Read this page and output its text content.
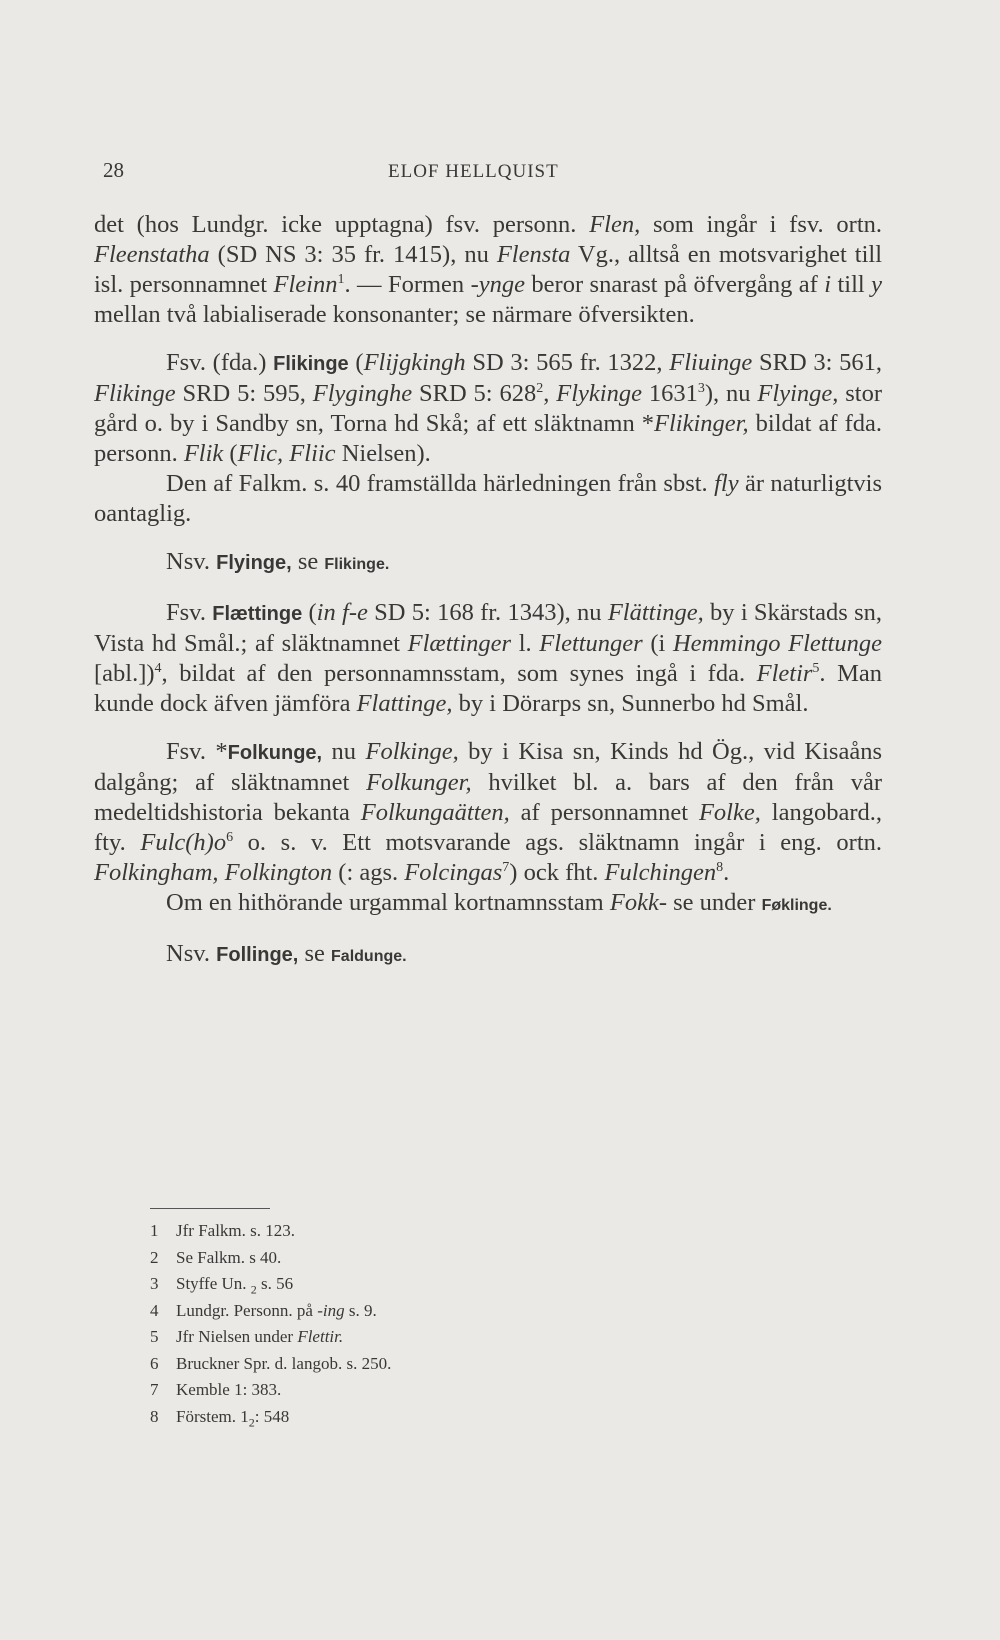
28	ELOF HELLQUIST

det (hos Lundgr. icke upptagna) fsv. personn. Flen, som ingår i fsv. ortn. Fleenstatha (SD NS 3: 35 fr. 1415), nu Flensta Vg., alltså en motsvarighet till isl. personnamnet Fleinn$^1$. — Formen -ynge beror snarast på öfvergång af i till y mellan två labialiserade konsonanter; se närmare öfversikten.

Fsv. (fda.) Flikinge (Flijgkingh SD 3: 565 fr. 1322, Fliuinge SRD 3: 561, Flikinge SRD 5: 595, Flyginghe SRD 5: $628^2$, Flykinge 1631$^3$), nu Flyinge, stor gård o. by i Sandby sn, Torna hd Skå; af ett släktnamn *Flikinger, bildat af fda. personn. Flik (Flic, Fliic Nielsen).

Den af Falkm. s. 40 framställda härledningen från sbst. fly är naturligtvis oantaglig.

Nsv. Flyinge, se Flikinge.

Fsv. Flættinge (in f-e SD 5: 168 fr. 1343), nu Flättinge, by i Skärstads sn, Vista hd Smål.; af släktnamnet Flættinger l. Flettunger (i Hemmingo Flettunge [abl.])$^4$, bildat af den personnamnsstam, som synes ingå i fda. Fletir$^5$. Man kunde dock äfven jämföra Flattinge, by i Dörarps sn, Sunnerbo hd Smål.

Fsv. *Folkunge, nu Folkinge, by i Kisa sn, Kinds hd Ög., vid Kisaåns dalgång; af släktnamnet Folkunger, hvilket bl. a. bars af den från vår medeltidshistoria bekanta Folkungaätten, af personnamnet Folke, langobard., fty. $Fulc(h)o^6$ o. s. v. Ett motsvarande ags. släktnamn ingår i eng. ortn. Folkingham, Folkington (: ags. Folcingas$^7$) ock fht. Fulchingen$^8$.

Om en hithörande urgammal kortnamnsstam Fokk- se under Føklinge.

Nsv. Follinge, se Faldunge.

1	Jfr Falkm. s. 123.
2	Se Falkm. s 40.
3	Styffe Un. $_2$ s. 56
4	Lundgr. Personn. på -ing s. 9.
5	Jfr Nielsen under Flettir.
6	Bruckner Spr. d. langob. s. 250.
7	Kemble 1: 383.
8	Förstem. $1_2$: 548
